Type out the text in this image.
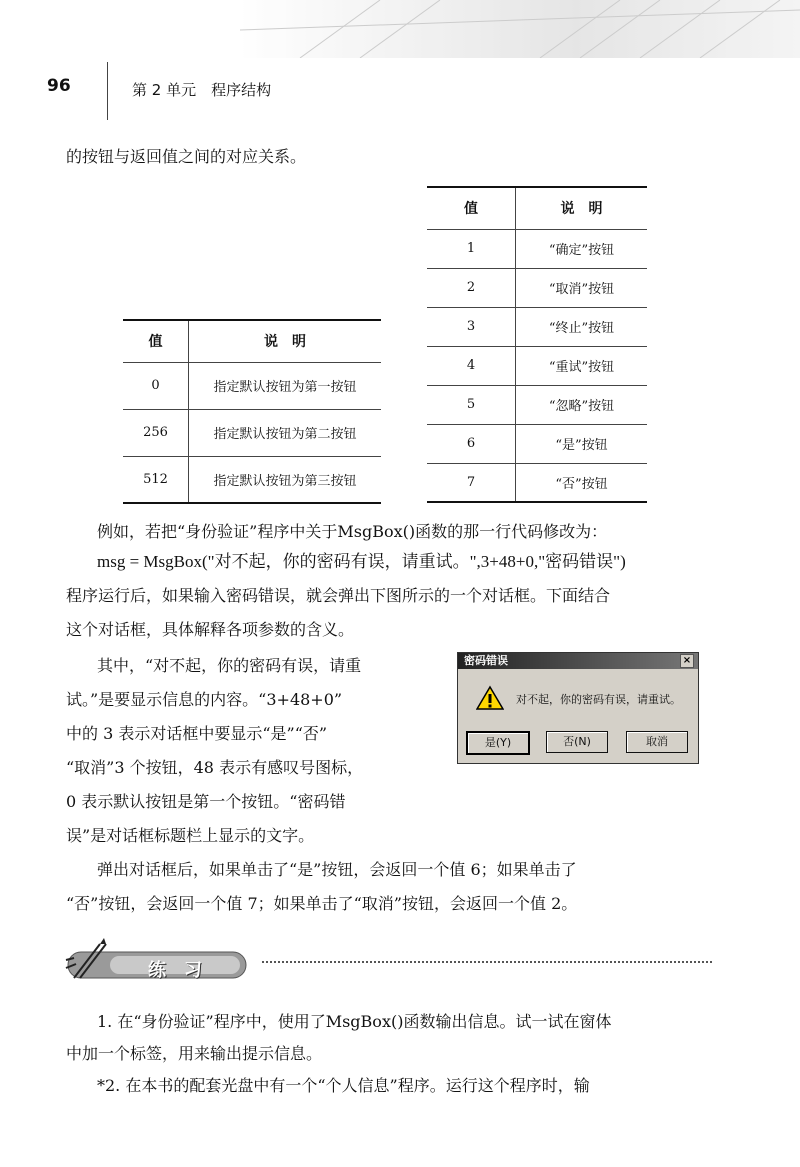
96	第 2 单元　程序结构

的按钮与返回值之间的对应关系。

值	说　明
0	指定默认按钮为第一按钮
256	指定默认按钮为第二按钮
512	指定默认按钮为第三按钮
值	说　明
1	“确定”按钮
2	“取消”按钮
3	“终止”按钮
4	“重试”按钮
5	“忽略”按钮
6	“是”按钮
7	“否”按钮

例如，若把“身份验证”程序中关于MsgBox()函数的那一行代码修改为：

msg = MsgBox("对不起，你的密码有误，请重试。",3+48+0,"密码错误")

程序运行后，如果输入密码错误，就会弹出下图所示的一个对话框。下面结合

这个对话框，具体解释各项参数的含义。

其中，“对不起，你的密码有误，请重

试。”是要显示信息的内容。“3+48+0”

中的 3 表示对话框中要显示“是”“否”

“取消”3 个按钮，48 表示有感叹号图标，

0 表示默认按钮是第一个按钮。“密码错

误”是对话框标题栏上显示的文字。

密码错误	×
对不起，你的密码有误，请重试。
是(Y)	否(N)	取消

弹出对话框后，如果单击了“是”按钮，会返回一个值 6；如果单击了

“否”按钮，会返回一个值 7；如果单击了“取消”按钮，会返回一个值 2。

练　习

1. 在“身份验证”程序中，使用了MsgBox()函数输出信息。试一试在窗体

中加一个标签，用来输出提示信息。

*2. 在本书的配套光盘中有一个“个人信息”程序。运行这个程序时，输
